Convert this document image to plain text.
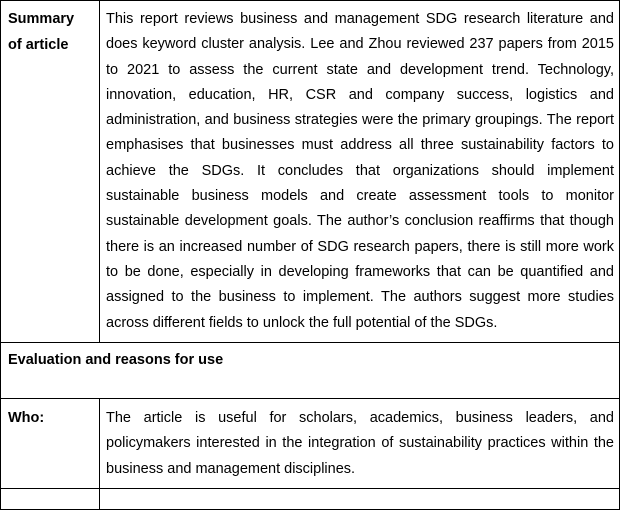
Summary
of article	This report reviews business and management SDG research literature and does keyword cluster analysis. Lee and Zhou reviewed 237 papers from 2015 to 2021 to assess the current state and development trend. Technology, innovation, education, HR, CSR and company success, logistics and administration, and business strategies were the primary groupings. The report emphasises that businesses must address all three sustainability factors to achieve the SDGs. It concludes that organizations should implement sustainable business models and create assessment tools to monitor sustainable development goals. The author’s conclusion reaffirms that though there is an increased number of SDG research papers, there is still more work to be done, especially in developing frameworks that can be quantified and assigned to the business to implement. The authors suggest more studies across different fields to unlock the full potential of the SDGs.

Evaluation and reasons for use	

Who:	The article is useful for scholars, academics, business leaders, and policymakers interested in the integration of sustainability practices within the business and management disciplines.
